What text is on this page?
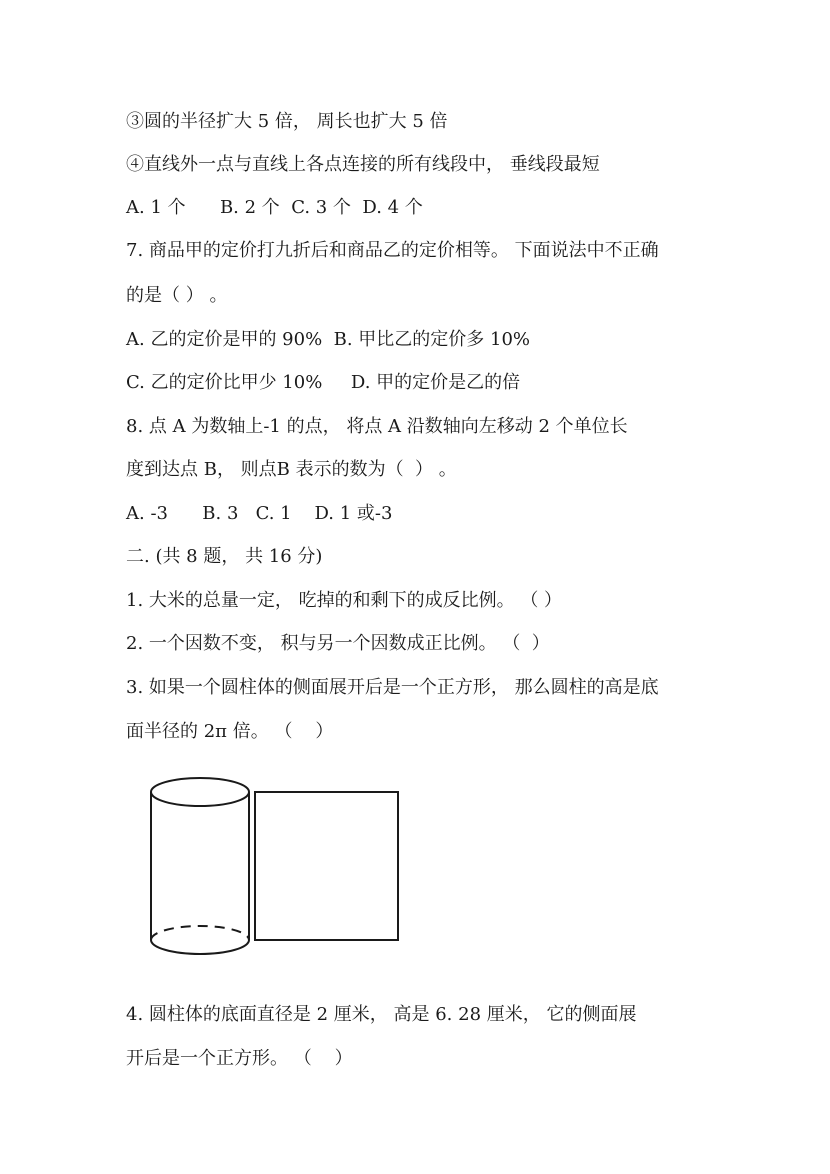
③圆的半径扩大 5 倍， 周长也扩大 5 倍
④直线外一点与直线上各点连接的所有线段中， 垂线段最短
A. 1 个      B. 2 个  C. 3 个  D. 4 个
7. 商品甲的定价打九折后和商品乙的定价相等。 下面说法中不正确
的是（ ） 。
A. 乙的定价是甲的 90%  B. 甲比乙的定价多 10%
C. 乙的定价比甲少 10%     D. 甲的定价是乙的倍
8. 点 A 为数轴上-1 的点， 将点 A 沿数轴向左移动 2 个单位长
度到达点 B， 则点B 表示的数为（  ） 。
A. -3      B. 3   C. 1    D. 1 或-3
二. (共 8 题， 共 16 分)
1. 大米的总量一定， 吃掉的和剩下的成反比例。 （ ）
2. 一个因数不变， 积与另一个因数成正比例。 （  ）
3. 如果一个圆柱体的侧面展开后是一个正方形， 那么圆柱的高是底
面半径的 2π 倍。 （    ）
4. 圆柱体的底面直径是 2 厘米， 高是 6. 28 厘米， 它的侧面展
开后是一个正方形。 （    ）
